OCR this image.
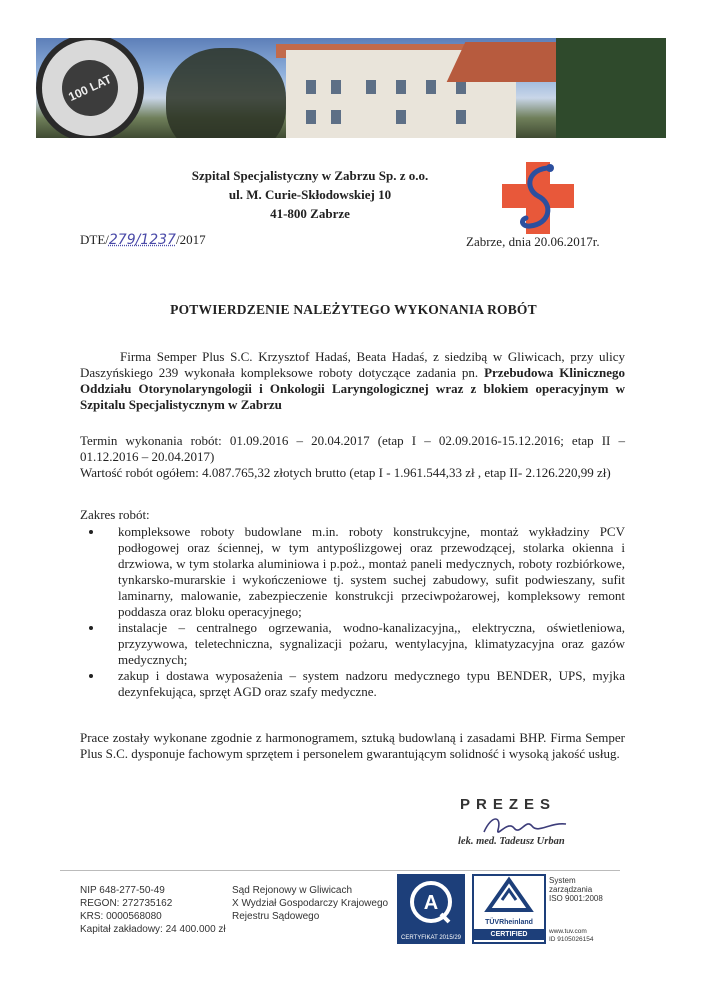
100 LAT
Szpital Specjalistyczny w Zabrzu Sp. z o.o.
ul. M. Curie-Skłodowskiej 10
41-800 Zabrze
DTE/279/1237/2017	Zabrze, dnia 20.06.2017r.
POTWIERDZENIE NALEŻYTEGO WYKONANIA ROBÓT
Firma Semper Plus S.C. Krzysztof Hadaś, Beata Hadaś, z siedzibą w Gliwicach, przy ulicy Daszyńskiego 239 wykonała kompleksowe roboty dotyczące zadania pn. Przebudowa Klinicznego Oddziału Otorynolaryngologii i Onkologii Laryngologicznej wraz z blokiem operacyjnym w Szpitalu Specjalistycznym w Zabrzu
Termin wykonania robót: 01.09.2016 – 20.04.2017 (etap I – 02.09.2016-15.12.2016; etap II – 01.12.2016 – 20.04.2017)
Wartość robót ogółem: 4.087.765,32 złotych brutto (etap I - 1.961.544,33 zł , etap II- 2.126.220,99 zł)
Zakres robót:
• kompleksowe roboty budowlane m.in. roboty konstrukcyjne, montaż wykładziny PCV podłogowej oraz ściennej, w tym antypoślizgowej oraz przewodzącej, stolarka okienna i drzwiowa, w tym stolarka aluminiowa i p.poż., montaż paneli medycznych, roboty rozbiórkowe, tynkarsko-murarskie i wykończeniowe tj. system suchej zabudowy, sufit podwieszany, sufit laminarny, malowanie, zabezpieczenie konstrukcji przeciwpożarowej, kompleksowy remont poddasza oraz bloku operacyjnego;
• instalacje – centralnego ogrzewania, wodno-kanalizacyjna,, elektryczna, oświetleniowa, przyzywowa, teletechniczna, sygnalizacji pożaru, wentylacyjna, klimatyzacyjna oraz gazów medycznych;
• zakup i dostawa wyposażenia – system nadzoru medycznego typu BENDER, UPS, myjka dezynfekująca, sprzęt AGD oraz szafy medyczne.
Prace zostały wykonane zgodnie z harmonogramem, sztuką budowlaną i zasadami BHP. Firma Semper Plus S.C. dysponuje fachowym sprzętem i personelem gwarantującym solidność i wysoką jakość usług.
PREZES
lek. med. Tadeusz Urban
NIP 648-277-50-49
REGON: 272735162
KRS: 0000568080
Kapitał zakładowy: 24 400.000 zł
Sąd Rejonowy w Gliwicach
X Wydział Gospodarczy Krajowego
Rejestru Sądowego
A
CERTYFIKAT 2015/29
TÜVRheinland
CERTIFIED
System
zarządzania
ISO 9001:2008
www.tuv.com
ID 9105026154
